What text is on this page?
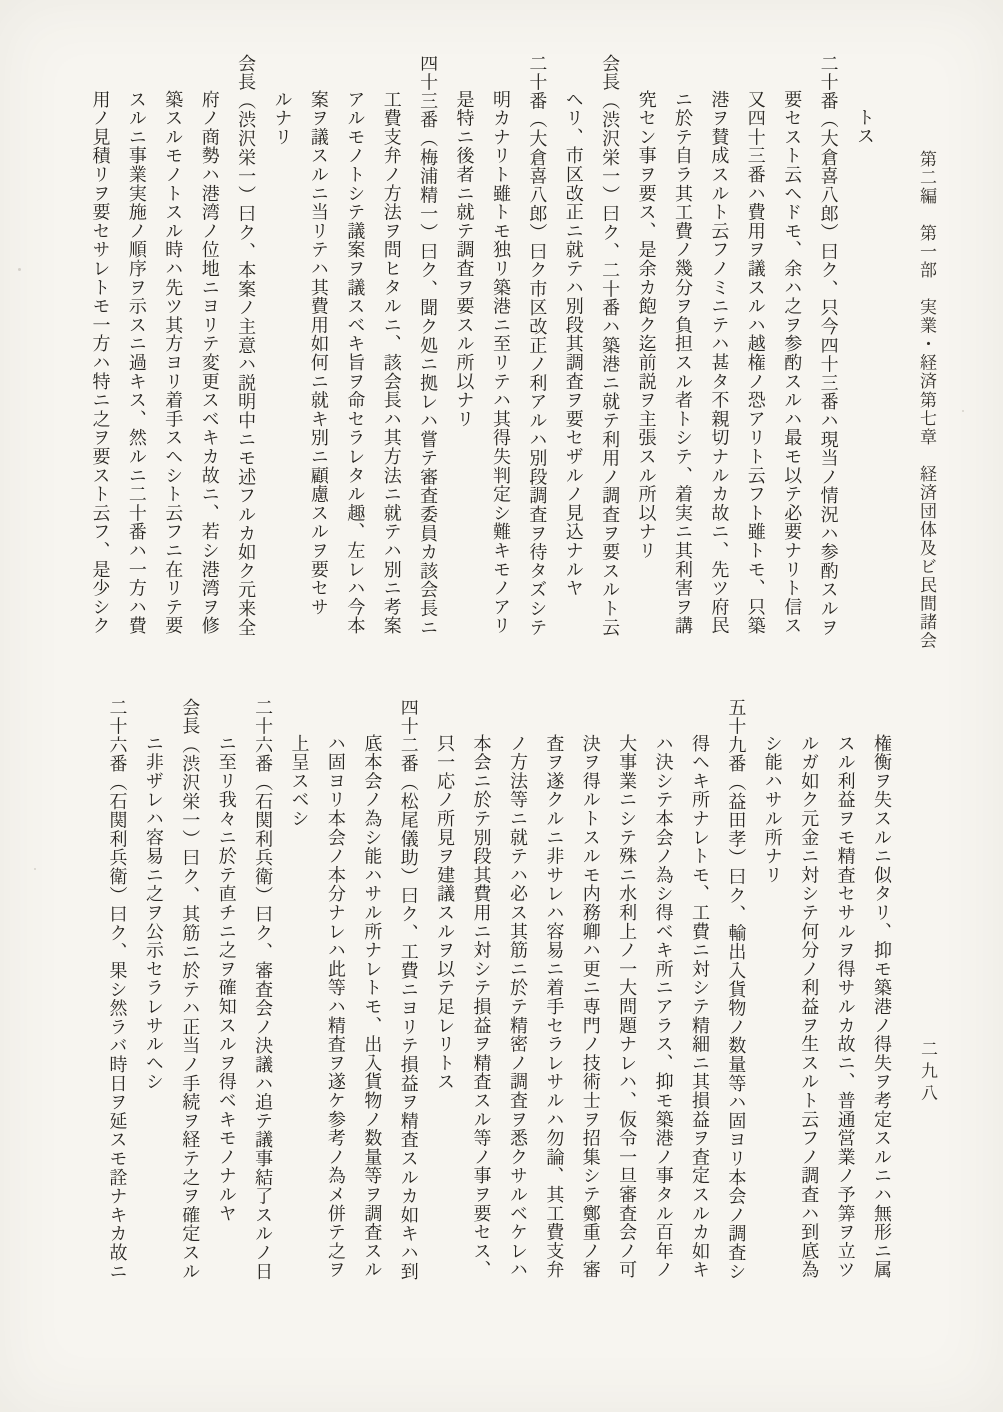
第二編　第一部　実業・経済第七章　経済団体及ビ民間諸会
二九八

トス

二十番（大倉喜八郎）曰ク、只今四十三番ハ現当ノ情況ハ参酌スルヲ

要セスト云ヘドモ、余ハ之ヲ参酌スルハ最モ以テ必要ナリト信ス

又四十三番ハ費用ヲ議スルハ越権ノ恐アリト云フト雖トモ、只築

港ヲ賛成スルト云フノミニテハ甚タ不親切ナルカ故ニ、先ツ府民

ニ於テ自ラ其工費ノ幾分ヲ負担スル者トシテ、着実ニ其利害ヲ講

究セン事ヲ要ス、是余カ飽ク迄前説ヲ主張スル所以ナリ

会長（渋沢栄一）曰ク、二十番ハ築港ニ就テ利用ノ調査ヲ要スルト云

ヘリ、市区改正ニ就テハ別段其調査ヲ要セザルノ見込ナルヤ

二十番（大倉喜八郎）曰ク市区改正ノ利アルハ別段調査ヲ待タズシテ

明カナリト雖トモ独リ築港ニ至リテハ其得失判定シ難キモノアリ

是特ニ後者ニ就テ調査ヲ要スル所以ナリ

四十三番（梅浦精一）曰ク、聞ク処ニ拠レハ嘗テ審査委員カ該会長ニ

工費支弁ノ方法ヲ問ヒタルニ、該会長ハ其方法ニ就テハ別ニ考案

アルモノトシテ議案ヲ議スベキ旨ヲ命セラレタル趣、左レハ今本

案ヲ議スルニ当リテハ其費用如何ニ就キ別ニ顧慮スルヲ要セサ

ルナリ

会長（渋沢栄一）曰ク、本案ノ主意ハ説明中ニモ述フルカ如ク元来全

府ノ商勢ハ港湾ノ位地ニヨリテ変更スベキカ故ニ、若シ港湾ヲ修

築スルモノトスル時ハ先ツ其方ヨリ着手スヘシト云フニ在リテ要

スルニ事業実施ノ順序ヲ示スニ過キス、然ルニ二十番ハ一方ハ費

用ノ見積リヲ要セサレトモ一方ハ特ニ之ヲ要スト云フ、是少シク

権衡ヲ失スルニ似タリ、抑モ築港ノ得失ヲ考定スルニハ無形ニ属

スル利益ヲモ精査セサルヲ得サルカ故ニ、普通営業ノ予筭ヲ立ツ

ルガ如ク元金ニ対シテ何分ノ利益ヲ生スルト云フノ調査ハ到底為

シ能ハサル所ナリ

五十九番（益田孝）曰ク、輸出入貨物ノ数量等ハ固ヨリ本会ノ調査シ

得ヘキ所ナレトモ、工費ニ対シテ精細ニ其損益ヲ査定スルカ如キ

ハ決シテ本会ノ為シ得ベキ所ニアラス、抑モ築港ノ事タル百年ノ

大事業ニシテ殊ニ水利上ノ一大問題ナレハ、仮令一旦審査会ノ可

決ヲ得ルトスルモ内務卿ハ更ニ専門ノ技術士ヲ招集シテ鄭重ノ審

査ヲ遂クルニ非サレハ容易ニ着手セラレサルハ勿論、其工費支弁

ノ方法等ニ就テハ必ス其筋ニ於テ精密ノ調査ヲ悉クサルベケレハ

本会ニ於テ別段其費用ニ対シテ損益ヲ精査スル等ノ事ヲ要セス、

只一応ノ所見ヲ建議スルヲ以テ足レリトス

四十二番（松尾儀助）曰ク、工費ニヨリテ損益ヲ精査スルカ如キハ到

底本会ノ為シ能ハサル所ナレトモ、出入貨物ノ数量等ヲ調査スル

ハ固ヨリ本会ノ本分ナレハ此等ハ精査ヲ遂ケ参考ノ為メ併テ之ヲ

上呈スベシ

二十六番（石関利兵衛）曰ク、審査会ノ決議ハ追テ議事結了スルノ日

ニ至リ我々ニ於テ直チニ之ヲ確知スルヲ得ベキモノナルヤ

会長（渋沢栄一）曰ク、其筋ニ於テハ正当ノ手続ヲ経テ之ヲ確定スル

ニ非ザレハ容易ニ之ヲ公示セラレサルヘシ

二十六番（石関利兵衛）曰ク、果シ然ラバ時日ヲ延スモ詮ナキカ故ニ
